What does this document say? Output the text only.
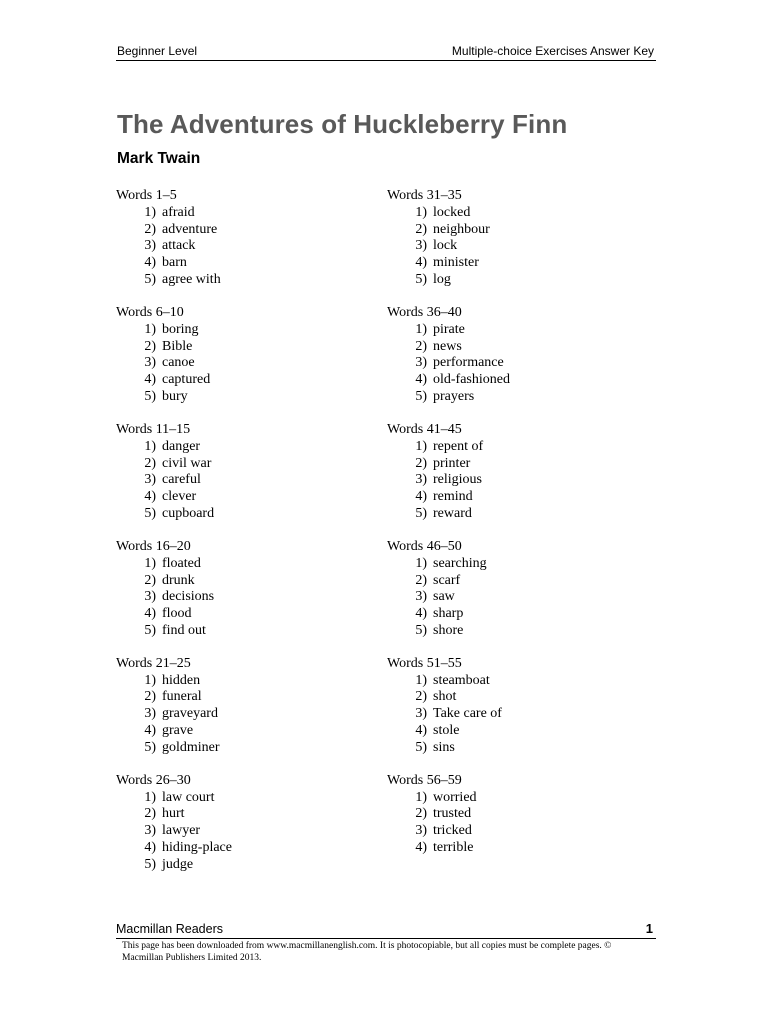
Beginner Level	Multiple-choice Exercises Answer Key
The Adventures of Huckleberry Finn
Mark Twain
Words 1–5
1) afraid
2) adventure
3) attack
4) barn
5) agree with
Words 6–10
1) boring
2) Bible
3) canoe
4) captured
5) bury
Words 11–15
1) danger
2) civil war
3) careful
4) clever
5) cupboard
Words 16–20
1) floated
2) drunk
3) decisions
4) flood
5) find out
Words 21–25
1) hidden
2) funeral
3) graveyard
4) grave
5) goldminer
Words 26–30
1) law court
2) hurt
3) lawyer
4) hiding-place
5) judge
Words 31–35
1) locked
2) neighbour
3) lock
4) minister
5) log
Words 36–40
1) pirate
2) news
3) performance
4) old-fashioned
5) prayers
Words 41–45
1) repent of
2) printer
3) religious
4) remind
5) reward
Words 46–50
1) searching
2) scarf
3) saw
4) sharp
5) shore
Words 51–55
1) steamboat
2) shot
3) Take care of
4) stole
5) sins
Words 56–59
1) worried
2) trusted
3) tricked
4) terrible
Macmillan Readers	1
This page has been downloaded from www.macmillanenglish.com. It is photocopiable, but all copies must be complete pages. © Macmillan Publishers Limited 2013.
